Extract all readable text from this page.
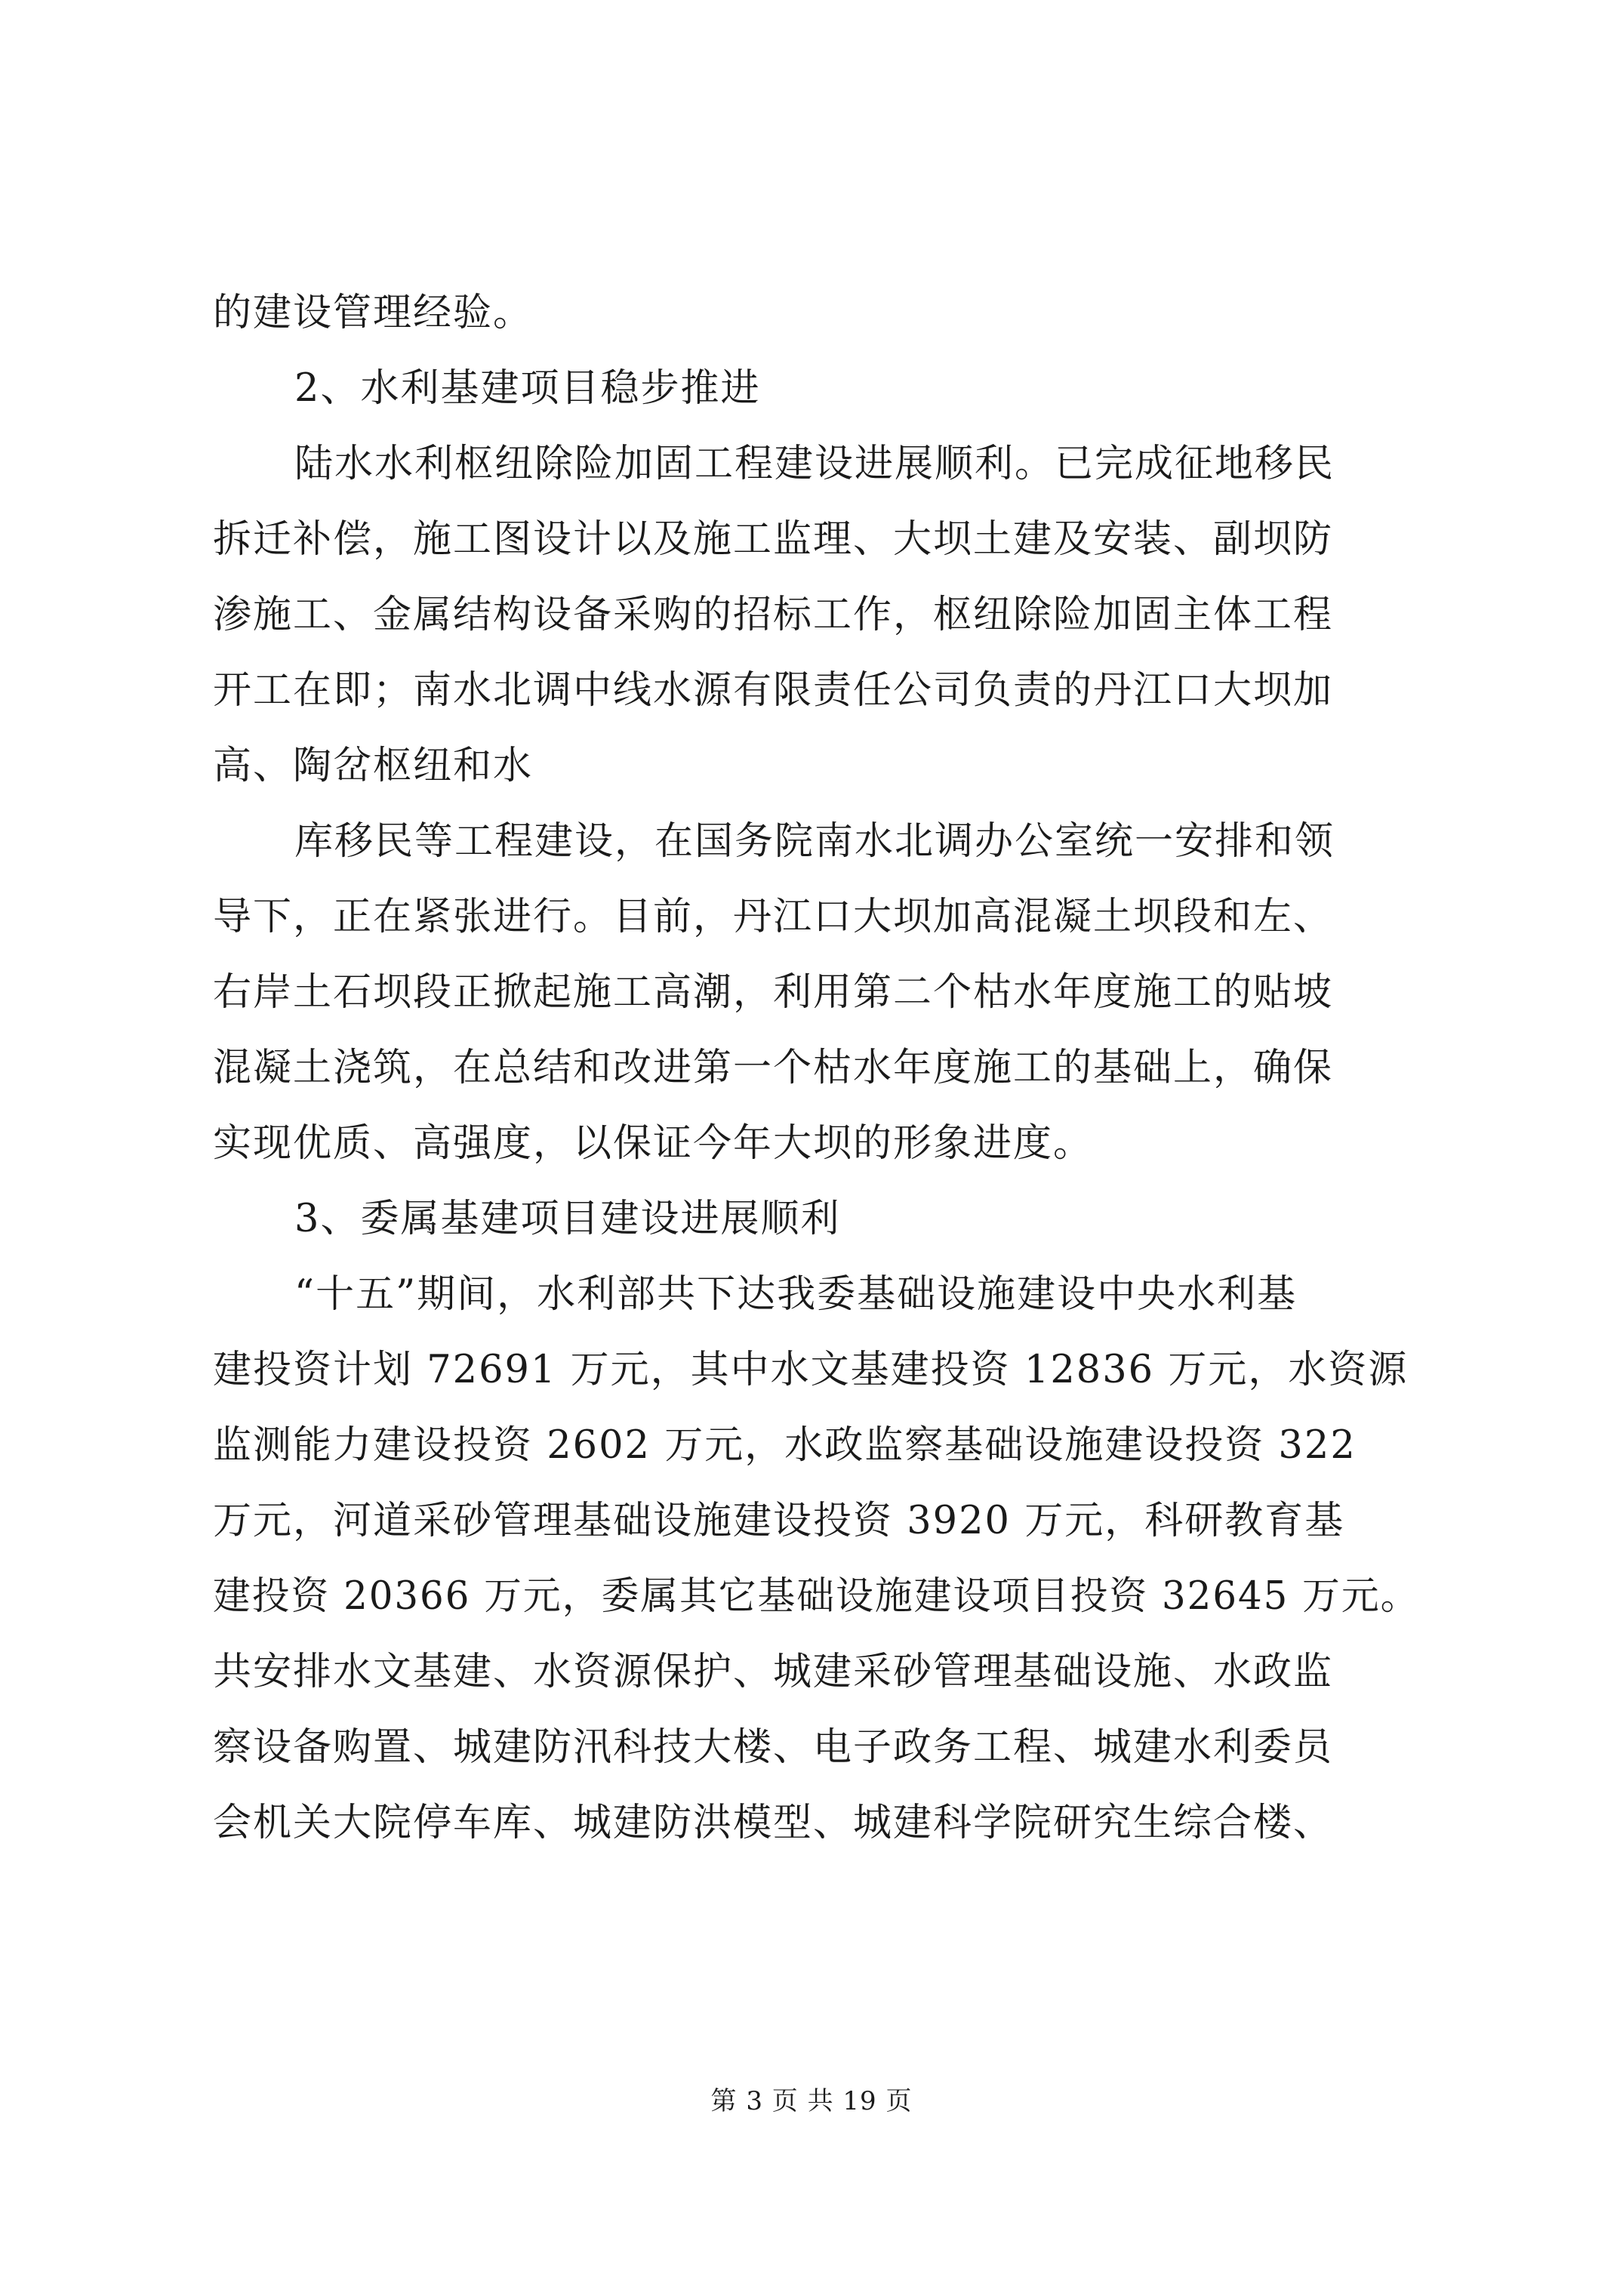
的建设管理经验。
2、水利基建项目稳步推进
陆水水利枢纽除险加固工程建设进展顺利。已完成征地移民
拆迁补偿，施工图设计以及施工监理、大坝土建及安装、副坝防
渗施工、金属结构设备采购的招标工作，枢纽除险加固主体工程
开工在即；南水北调中线水源有限责任公司负责的丹江口大坝加
高、陶岔枢纽和水
库移民等工程建设，在国务院南水北调办公室统一安排和领
导下，正在紧张进行。目前，丹江口大坝加高混凝土坝段和左、
右岸土石坝段正掀起施工高潮，利用第二个枯水年度施工的贴坡
混凝土浇筑，在总结和改进第一个枯水年度施工的基础上，确保
实现优质、高强度，以保证今年大坝的形象进度。
3、委属基建项目建设进展顺利
“十五”期间，水利部共下达我委基础设施建设中央水利基
建投资计划 72691 万元，其中水文基建投资 12836 万元，水资源
监测能力建设投资 2602 万元，水政监察基础设施建设投资 322
万元，河道采砂管理基础设施建设投资 3920 万元，科研教育基
建投资 20366 万元，委属其它基础设施建设项目投资 32645 万元。
共安排水文基建、水资源保护、城建采砂管理基础设施、水政监
察设备购置、城建防汛科技大楼、电子政务工程、城建水利委员
会机关大院停车库、城建防洪模型、城建科学院研究生综合楼、
第 3 页 共 19 页
